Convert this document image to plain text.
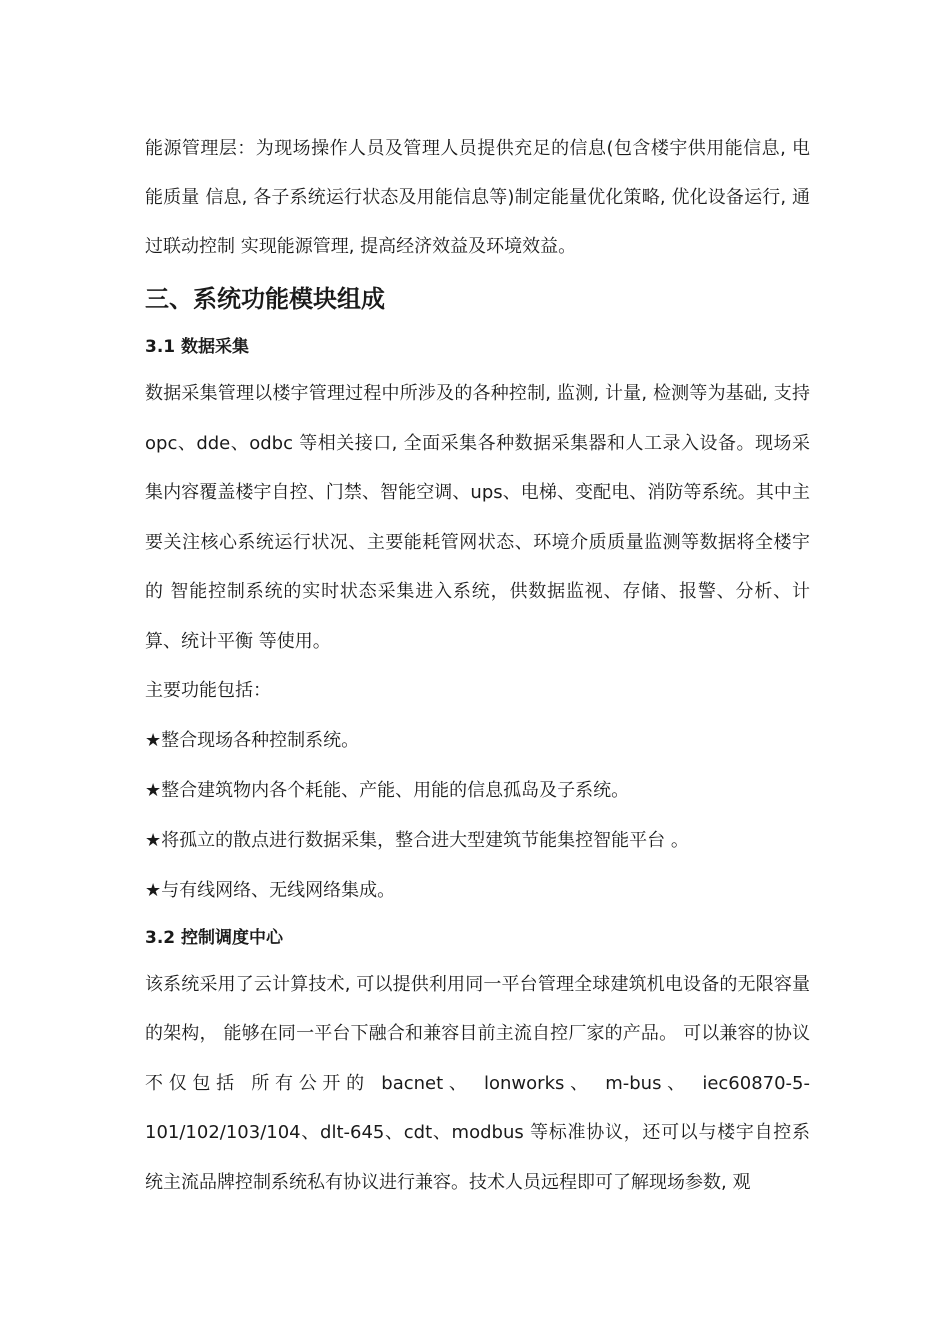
能源管理层：为现场操作人员及管理人员提供充足的信息(包含楼宇供用能信息, 电能质量 信息, 各子系统运行状态及用能信息等)制定能量优化策略, 优化设备运行, 通过联动控制 实现能源管理, 提高经济效益及环境效益。

三、系统功能模块组成
3.1 数据采集

数据采集管理以楼宇管理过程中所涉及的各种控制, 监测, 计量, 检测等为基础, 支持 opc、dde、odbc 等相关接口, 全面采集各种数据采集器和人工录入设备。现场采集内容覆盖楼宇自控、门禁、智能空调、ups、电梯、变配电、消防等系统。其中主要关注核心系统运行状况、主要能耗管网状态、环境介质质量监测等数据将全楼宇的 智能控制系统的实时状态采集进入系统，供数据监视、存储、报警、分析、计算、统计平衡 等使用。

主要功能包括：

★整合现场各种控制系统。

★整合建筑物内各个耗能、产能、用能的信息孤岛及子系统。

★将孤立的散点进行数据采集，整合进大型建筑节能集控智能平台 。

★与有线网络、无线网络集成。

3.2 控制调度中心

该系统采用了云计算技术, 可以提供利用同一平台管理全球建筑机电设备的无限容量 的架构， 能够在同一平台下融合和兼容目前主流自控厂家的产品。 可以兼容的协议不仅包括 所有公开的 bacnet、 lonworks、 m-bus、 iec60870-5-101/102/103/104、dlt-645、cdt、modbus 等标准协议，还可以与楼宇自控系统主流品牌控制系统私有协议进行兼容。技术人员远程即可了解现场参数, 观
